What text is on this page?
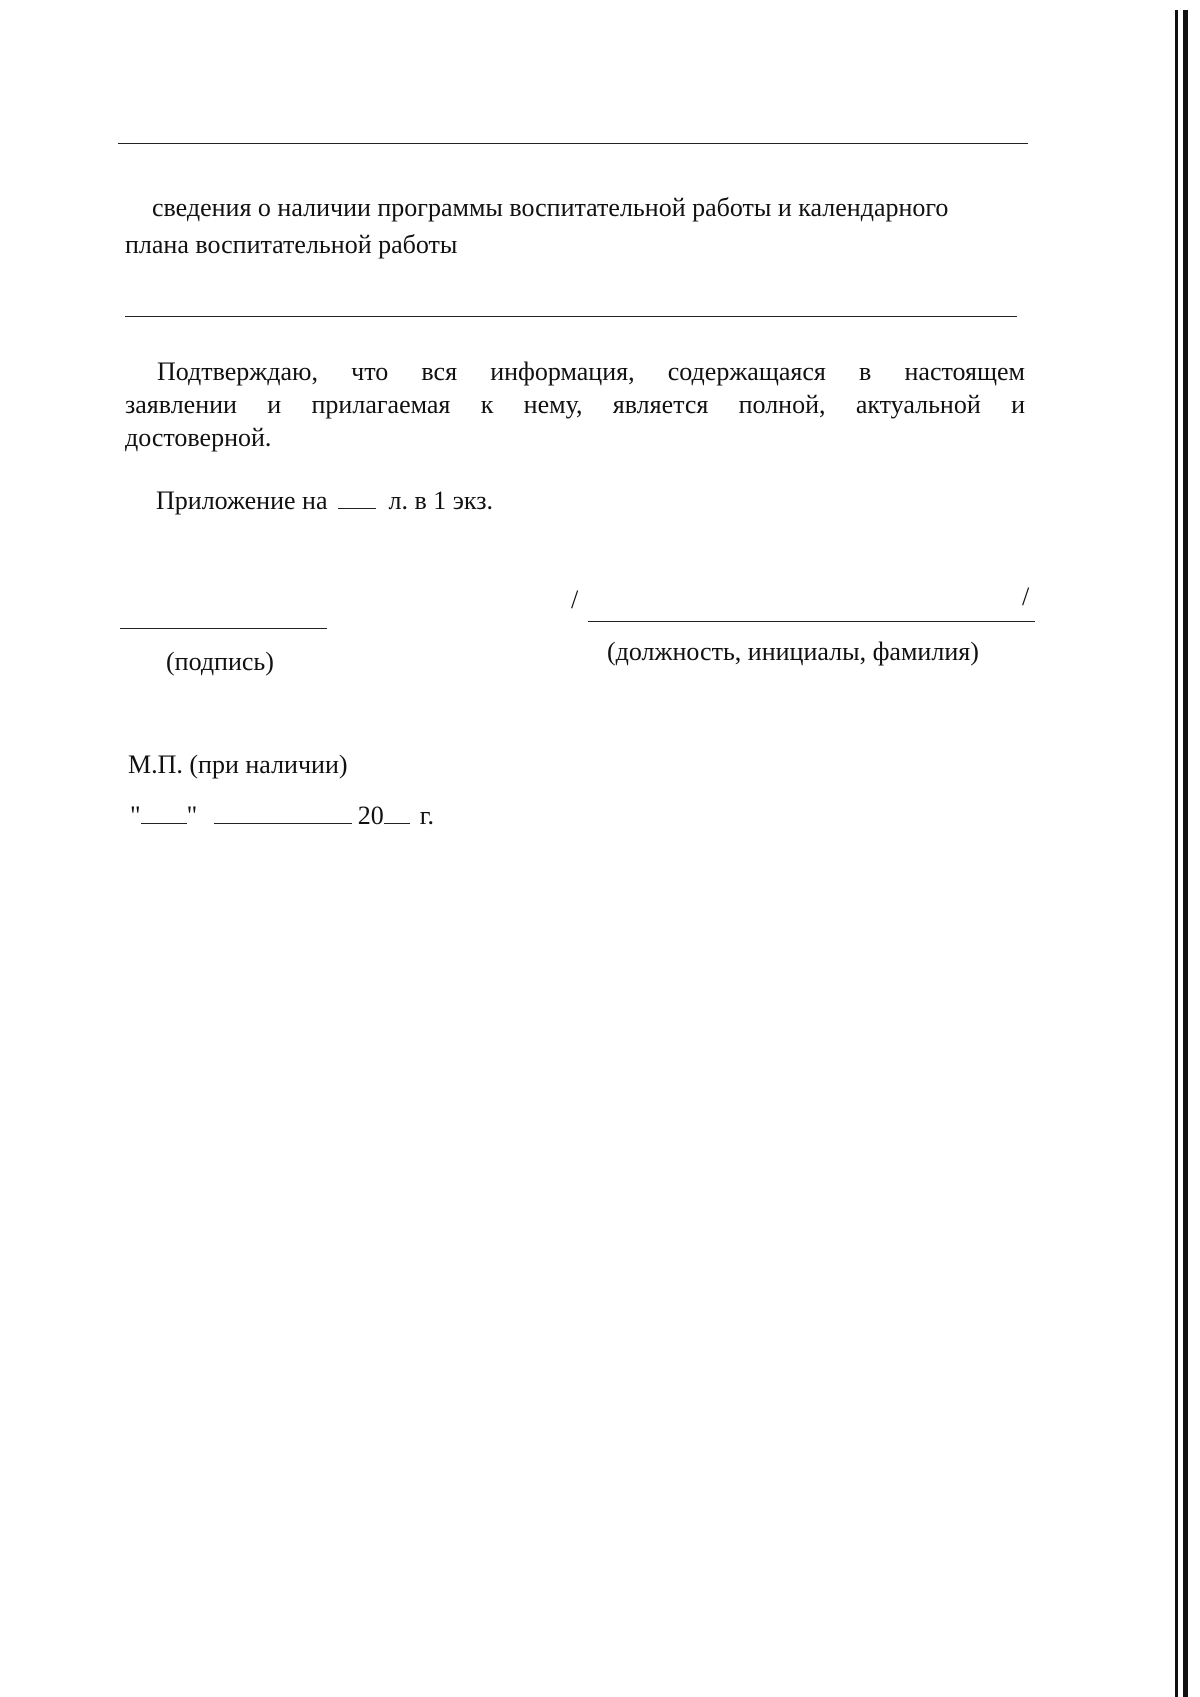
сведения о наличии программы воспитательной работы и календарного
плана воспитательной работы
Подтверждаю, что вся информация, содержащаяся в настоящем
заявлении и прилагаемая к нему, является полной, актуальной и
достоверной.
Приложение на л. в 1 экз.
/	/
(подпись)	(должность, инициалы, фамилия)
М.П. (при наличии)
" "	20 г.
